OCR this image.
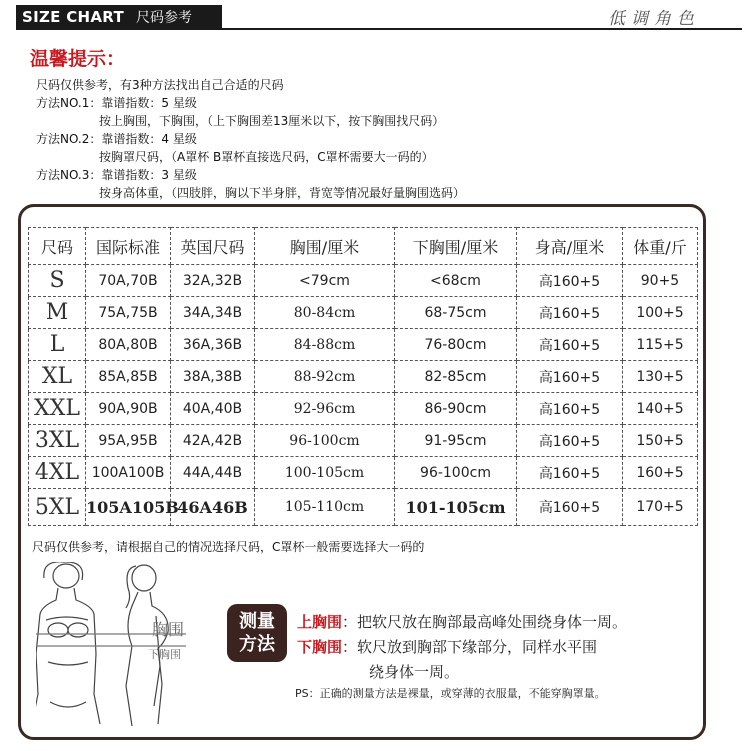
SIZE CHART 尺码参考	低调角色
温馨提示：
尺码仅供参考，有3种方法找出自己合适的尺码
方法NO.1：靠谱指数：5 星级
按上胸围，下胸围，（上下胸围差13厘米以下，按下胸围找尺码）
方法NO.2：靠谱指数：4 星级
按胸罩尺码，（A罩杯 B罩杯直接选尺码，C罩杯需要大一码的）
方法NO.3：靠谱指数：3 星级
按身高体重，（四肢胖，胸以下半身胖，背宽等情况最好量胸围选码）
尺码	国际标准	英国尺码	胸围/厘米	下胸围/厘米	身高/厘米	体重/斤
S	70A,70B	32A,32B	<79cm	<68cm	高160+5	90+5
M	75A,75B	34A,34B	80-84cm	68-75cm	高160+5	100+5
L	80A,80B	36A,36B	84-88cm	76-80cm	高160+5	115+5
XL	85A,85B	38A,38B	88-92cm	82-85cm	高160+5	130+5
XXL	90A,90B	40A,40B	92-96cm	86-90cm	高160+5	140+5
3XL	95A,95B	42A,42B	96-100cm	91-95cm	高160+5	150+5
4XL	100A100B	44A,44B	100-105cm	96-100cm	高160+5	160+5
5XL	105A105B	46A46B	105-110cm	101-105cm	高160+5	170+5
尺码仅供参考，请根据自己的情况选择尺码，C罩杯一般需要选择大一码的
胸围
下胸围
测量
方法
上胸围：把软尺放在胸部最高峰处围绕身体一周。
下胸围：软尺放到胸部下缘部分，同样水平围
绕身体一周。
PS：正确的测量方法是裸量，或穿薄的衣服量，不能穿胸罩量。
